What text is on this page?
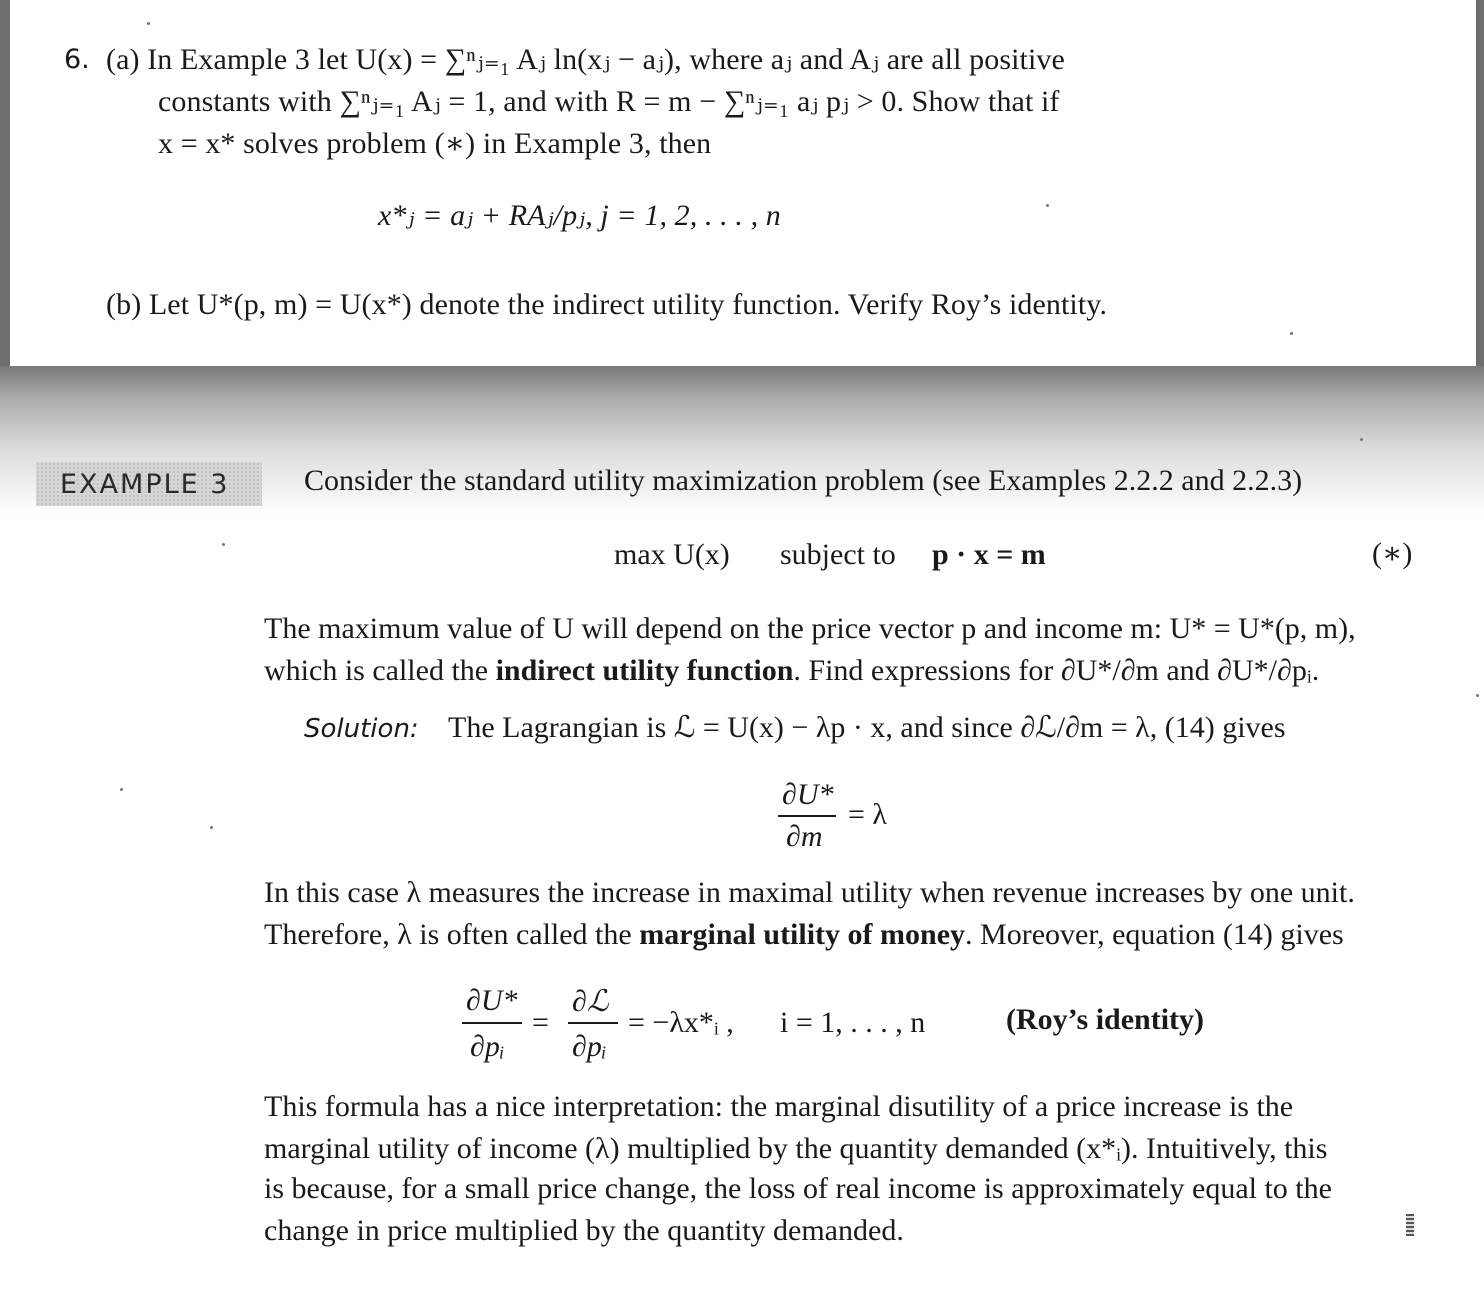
6. (a) In Example 3 let U(x) = ∑ⁿⱼ₌₁ Aⱼ ln(xⱼ − aⱼ), where aⱼ and Aⱼ are all positive
constants with ∑ⁿⱼ₌₁ Aⱼ = 1, and with R = m − ∑ⁿⱼ₌₁ aⱼ pⱼ > 0. Show that if
x = x* solves problem (∗) in Example 3, then
x*ⱼ = aⱼ + RAⱼ/pⱼ, j = 1, 2, . . . , n
(b) Let U*(p, m) = U(x*) denote the indirect utility function. Verify Roy’s identity.
EXAMPLE 3 Consider the standard utility maximization problem (see Examples 2.2.2 and 2.2.3)
max U(x) subject to p · x = m	(∗)
The maximum value of U will depend on the price vector p and income m: U* = U*(p, m),
which is called the indirect utility function. Find expressions for ∂U*/∂m and ∂U*/∂pᵢ.
Solution: The Lagrangian is ℒ = U(x) − λp · x, and since ∂ℒ/∂m = λ, (14) gives
∂U*
∂m
= λ
In this case λ measures the increase in maximal utility when revenue increases by one unit.
Therefore, λ is often called the marginal utility of money. Moreover, equation (14) gives
∂U*
∂pᵢ
=
∂ℒ
∂pᵢ
= −λx*ᵢ , i = 1, . . . , n	(Roy’s identity)
This formula has a nice interpretation: the marginal disutility of a price increase is the
marginal utility of income (λ) multiplied by the quantity demanded (x*ᵢ). Intuitively, this
is because, for a small price change, the loss of real income is approximately equal to the
change in price multiplied by the quantity demanded.
